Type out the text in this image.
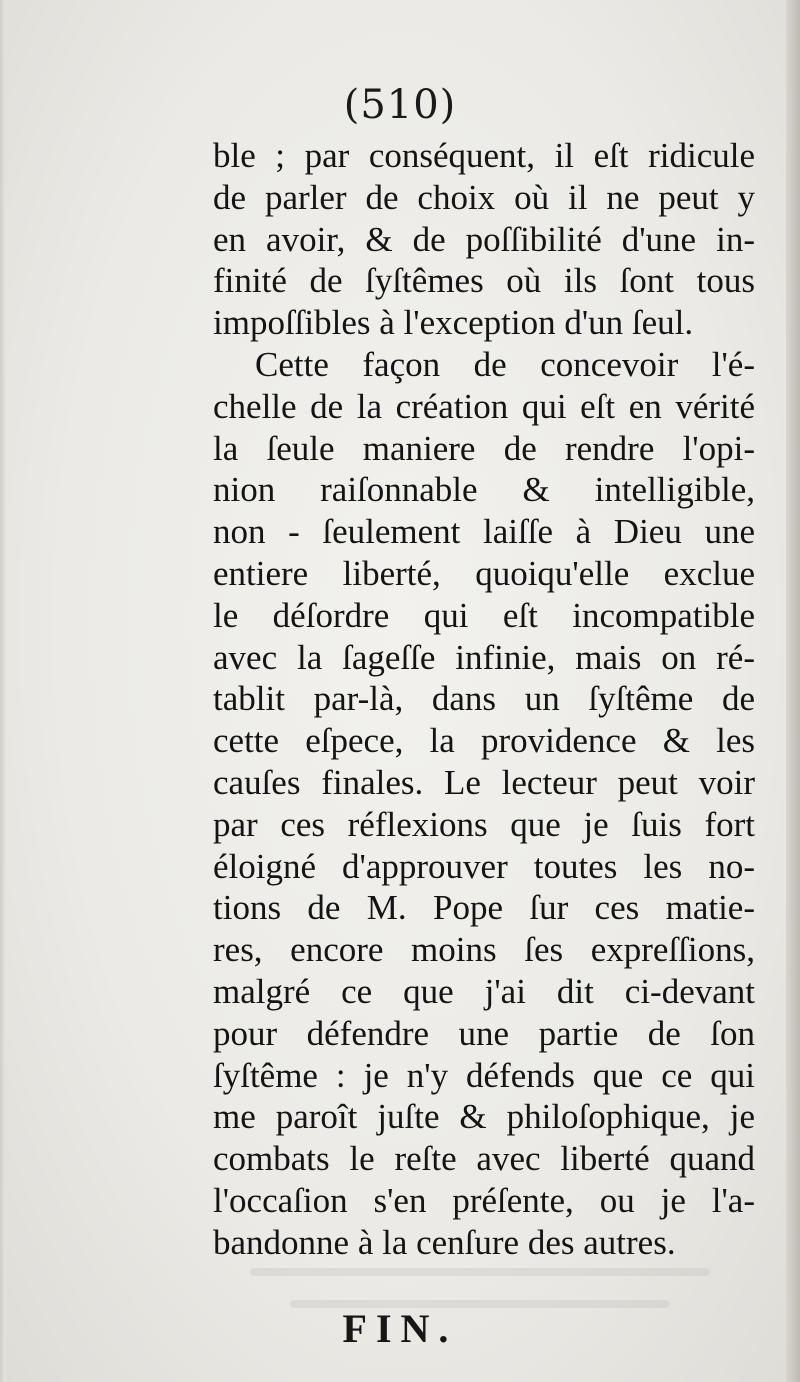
(510)
ble ; par conséquent, il eſt ridicule
de parler de choix où il ne peut y
en avoir, & de poſſibilité d'une in-
finité de ſyſtêmes où ils ſont tous
impoſſibles à l'exception d'un ſeul.
Cette façon de concevoir l'é-
chelle de la création qui eſt en vérité
la ſeule maniere de rendre l'opi-
nion raiſonnable & intelligible,
non - ſeulement laiſſe à Dieu une
entiere liberté, quoiqu'elle exclue
le déſordre qui eſt incompatible
avec la ſageſſe infinie, mais on ré-
tablit par-là, dans un ſyſtême de
cette eſpece, la providence & les
cauſes finales. Le lecteur peut voir
par ces réflexions que je ſuis fort
éloigné d'approuver toutes les no-
tions de M. Pope ſur ces matie-
res, encore moins ſes expreſſions,
malgré ce que j'ai dit ci-devant
pour défendre une partie de ſon
ſyſtême : je n'y défends que ce qui
me paroît juſte & philoſophique, je
combats le reſte avec liberté quand
l'occaſion s'en préſente, ou je l'a-
bandonne à la cenſure des autres.
FIN.
